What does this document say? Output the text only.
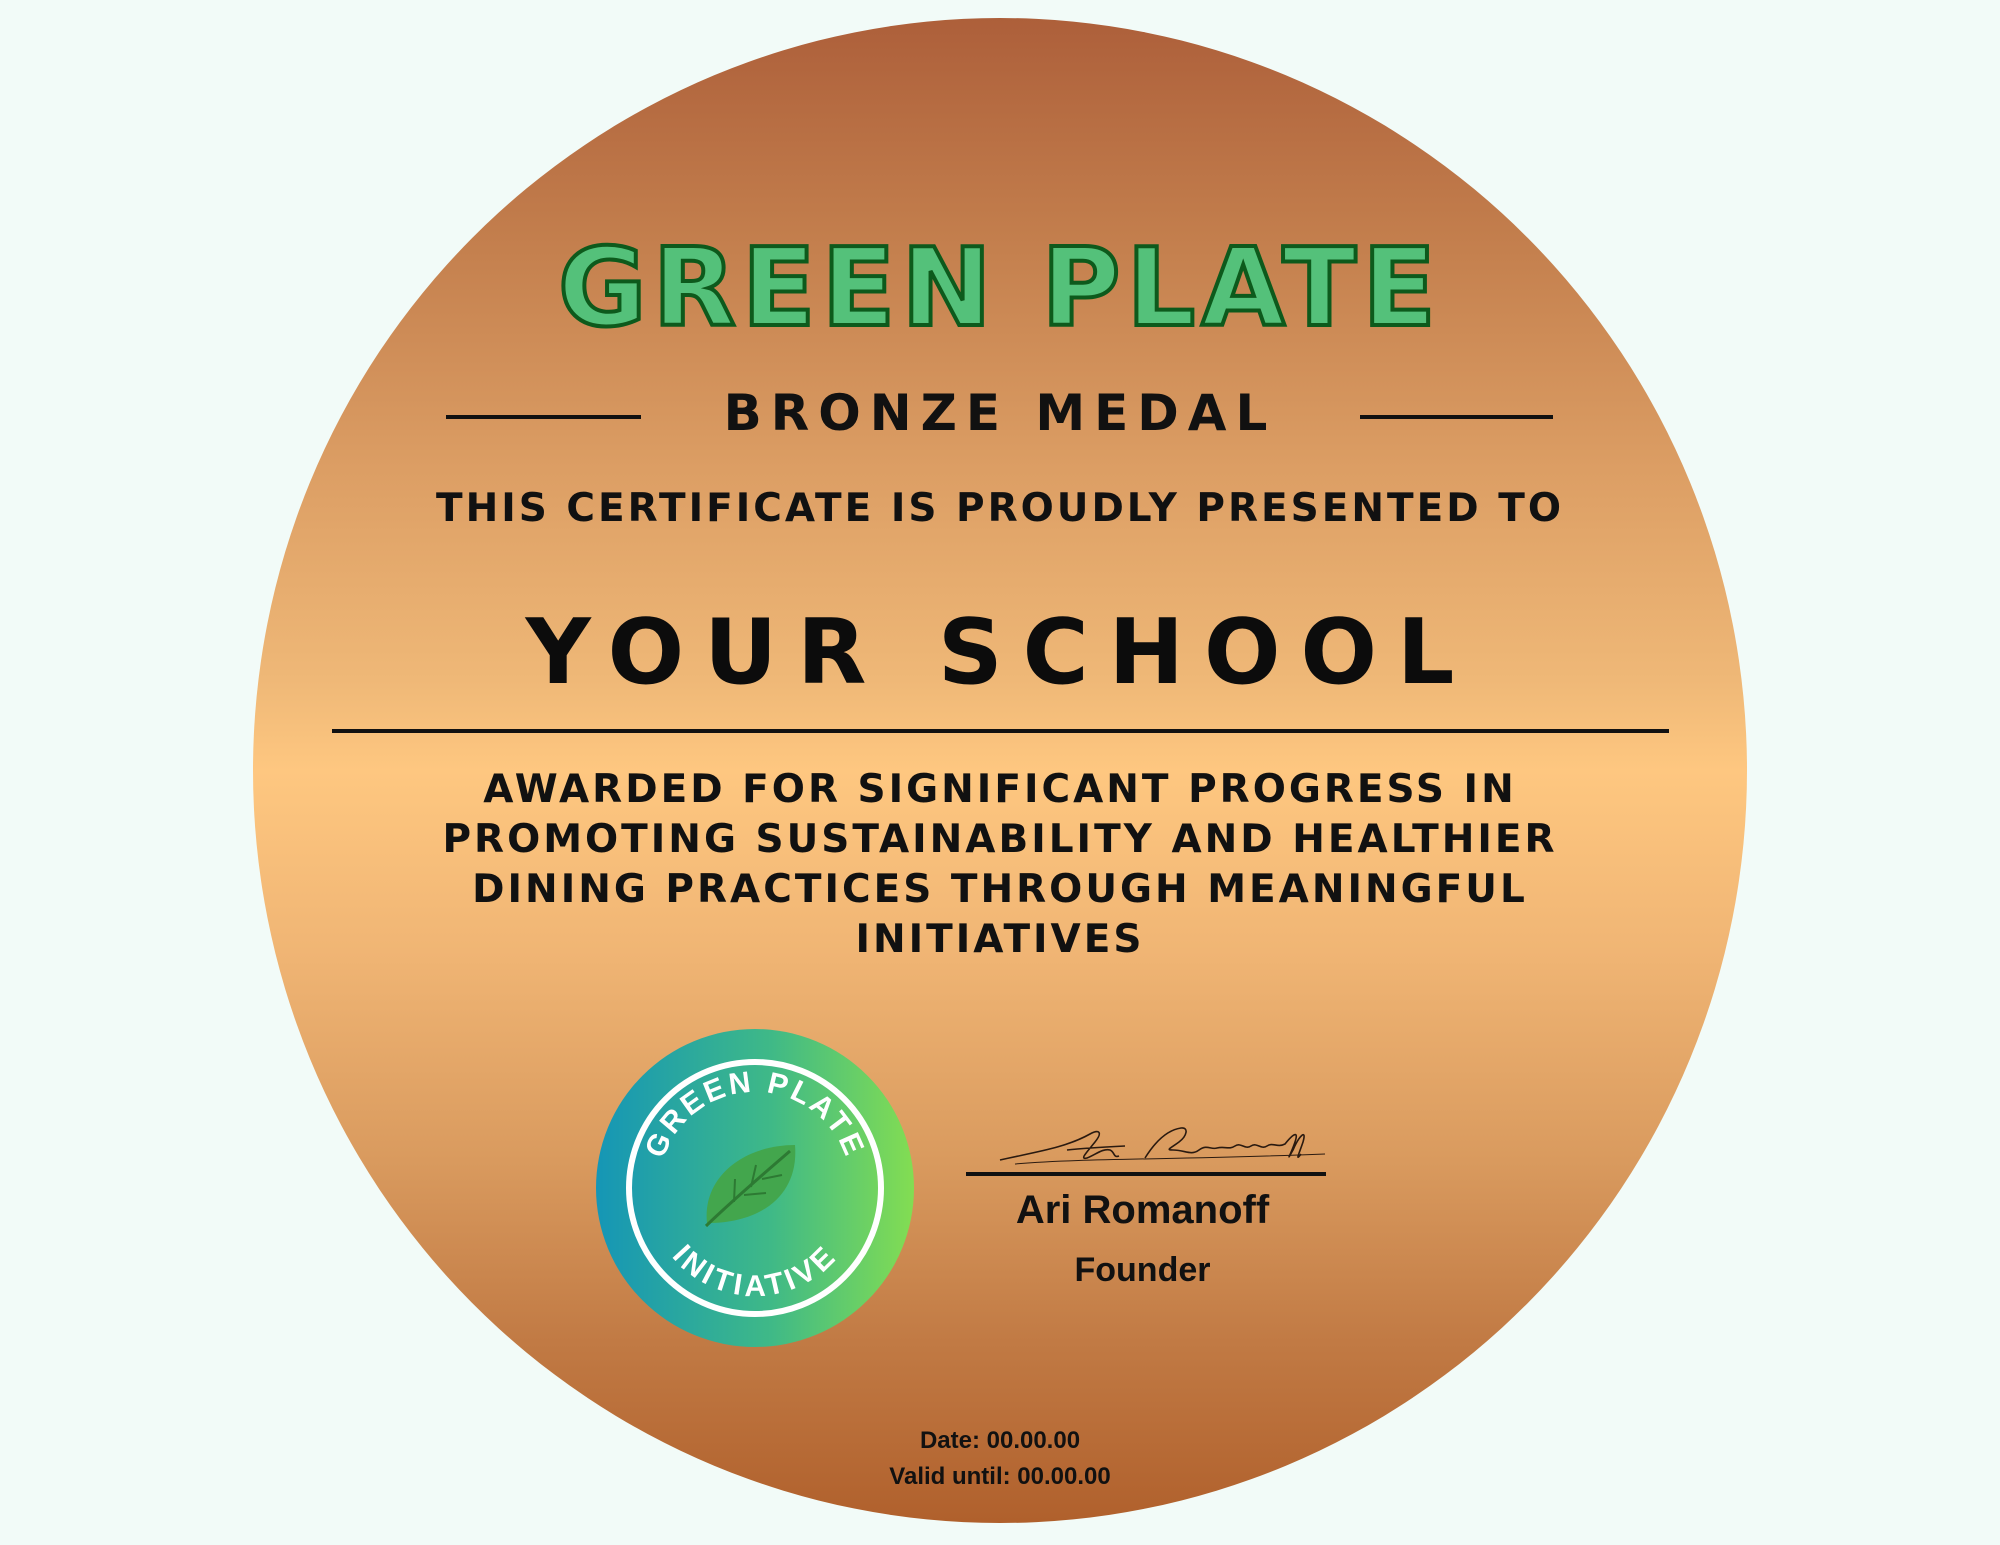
GREEN PLATE
BRONZE MEDAL
THIS CERTIFICATE IS PROUDLY PRESENTED TO
YOUR SCHOOL
AWARDED FOR SIGNIFICANT PROGRESS IN PROMOTING SUSTAINABILITY AND HEALTHIER DINING PRACTICES THROUGH MEANINGFUL INITIATIVES
GREEN PLATE
INITIATIVE
Ari Romanoff
Founder
Date: 00.00.00
Valid until: 00.00.00
